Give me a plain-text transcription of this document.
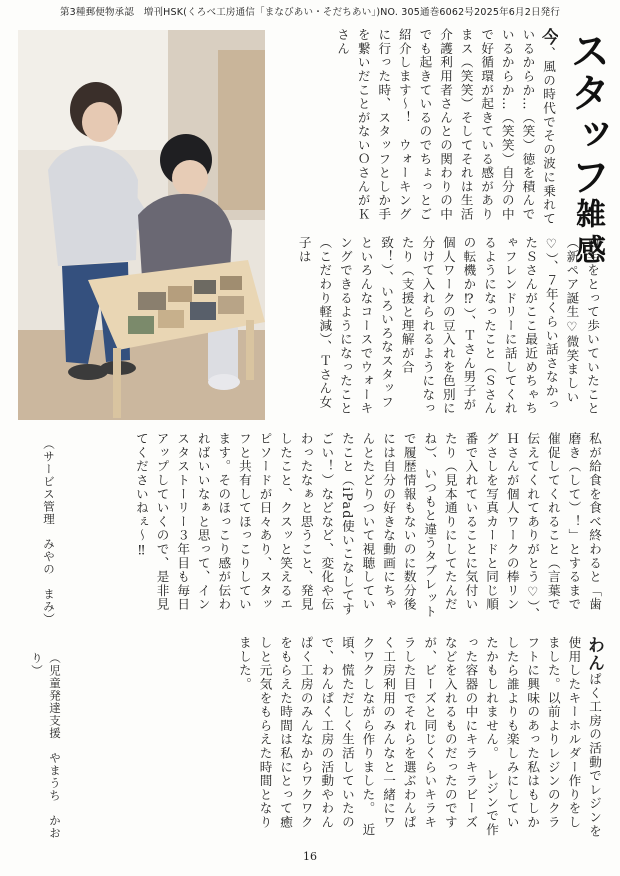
第3種郵便物承認　増刊HSK(くろべ工房通信「まなびあい・そだちあい」)NO. 305通巻6062号2025年6月2日発行
スタッフ雑感
今、風の時代でその波に乗れているからか…（笑）徳を積んでいるからか…（笑笑）自分の中で好循環が起きている感がありまス（笑笑）そしてそれは生活介護利用者さんとの関わりの中でも起きているのでちょっとご紹介します〜！　ウォーキングに行った時、スタッフとしか手を繋いだことがないＯさんがＫさん
の手をとって歩いていたこと（新ペア誕生♡微笑ましい♡）、７年くらい話さなかったＳさんがここ最近めちゃちゃフレンドリーに話してくれるようになったこと（Ｓさんの転機か⁉）、Ｔさん男子が個人ワークの豆入れを色別に分けて入れられるようになったり（支援と理解が合致！）、いろいろなスタッフといろんなコースでウォーキングできるようになったこと（こだわり軽減）、Ｔさん女子は
私が給食を食べ終わると「歯磨き（して）！」とするまで催促してくれること（言葉で伝えてくれてありがとう♡）、Ｈさんが個人ワークの棒リングさしを写真カードと同じ順番で入れていることに気付いたり（見本通りにしてたんだね）、いつもと違うタブレットで履歴情報もないのに数分後には自分の好きな動画にちゃんとたどりついて視聴していたこと（iPad使いこなしてすごい！）などなど、変化や伝わったなぁと思うこと、発見したこと、クスッと笑えるエピソードが日々あり、スタッフと共有してほっこりしています。そのほっこり感が伝わればいいなぁと思って、インスタストーリー３年目も毎日アップしていくので、是非見てくださいねぇ〜‼
（サービス管理　みやの　まみ）
わんぱく工房の活動でレジンを使用したキーホルダー作りをしました。以前よりレジンのクラフトに興味のあった私はもしかしたら誰よりも楽しみにしていたかもしれません。　レジンで作った容器の中にキラキラビーズなどを入れるものだったのですが、ビーズと同じくらいキラキラした目でそれらを選ぶわんぱく工房利用のみんなと一緒にワクワクしながら作りました。　近頃、慌ただしく生活していたので、わんぱく工房の活動やわんぱく工房のみんなからワクワクをもらえた時間は私にとって癒しと元気をもらえた時間となりました。
（児童発達支援　やまうち　かおり）
16
